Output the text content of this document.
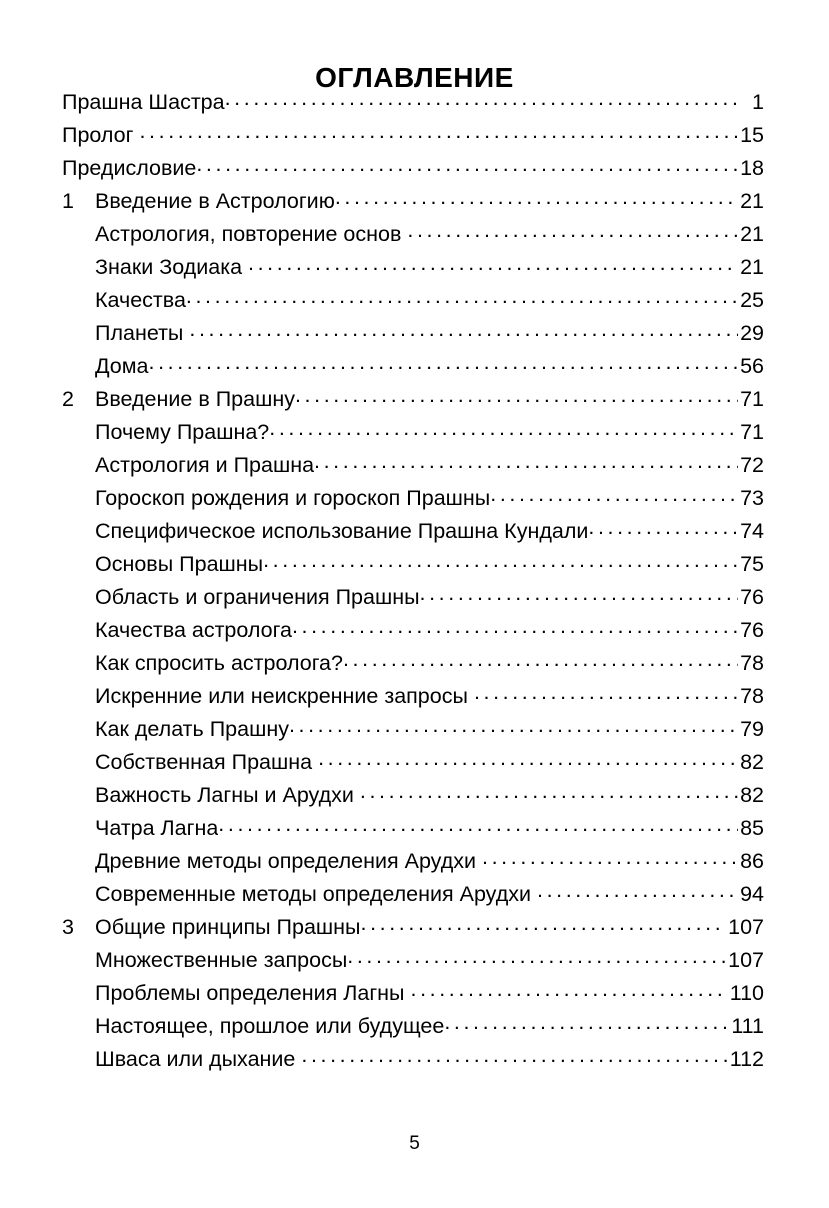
ОГЛАВЛЕНИЕ
Прашна Шастра .....	1
Пролог .....	15
Предисловие .....	18
1 Введение в Астрологию .....	21
Астрология, повторение основ .....	21
Знаки Зодиака .....	21
Качества .....	25
Планеты .....	29
Дома .....	56
2 Введение в Прашну .....	71
Почему Прашна? .....	71
Астрология и Прашна .....	72
Гороскоп рождения и гороскоп Прашны .....	73
Специфическое использование Прашна Кундали .....	74
Основы Прашны .....	75
Область и ограничения Прашны .....	76
Качества астролога .....	76
Как спросить астролога? .....	78
Искренние или неискренние запросы .....	78
Как делать Прашну .....	79
Собственная Прашна .....	82
Важность Лагны и Арудхи .....	82
Чатра Лагна .....	85
Древние методы определения Арудхи .....	86
Современные методы определения Арудхи .....	94
3 Общие принципы Прашны .....	107
Множественные запросы .....	107
Проблемы определения Лагны .....	110
Настоящее, прошлое или будущее .....	111
Шваса или дыхание .....	112
5
